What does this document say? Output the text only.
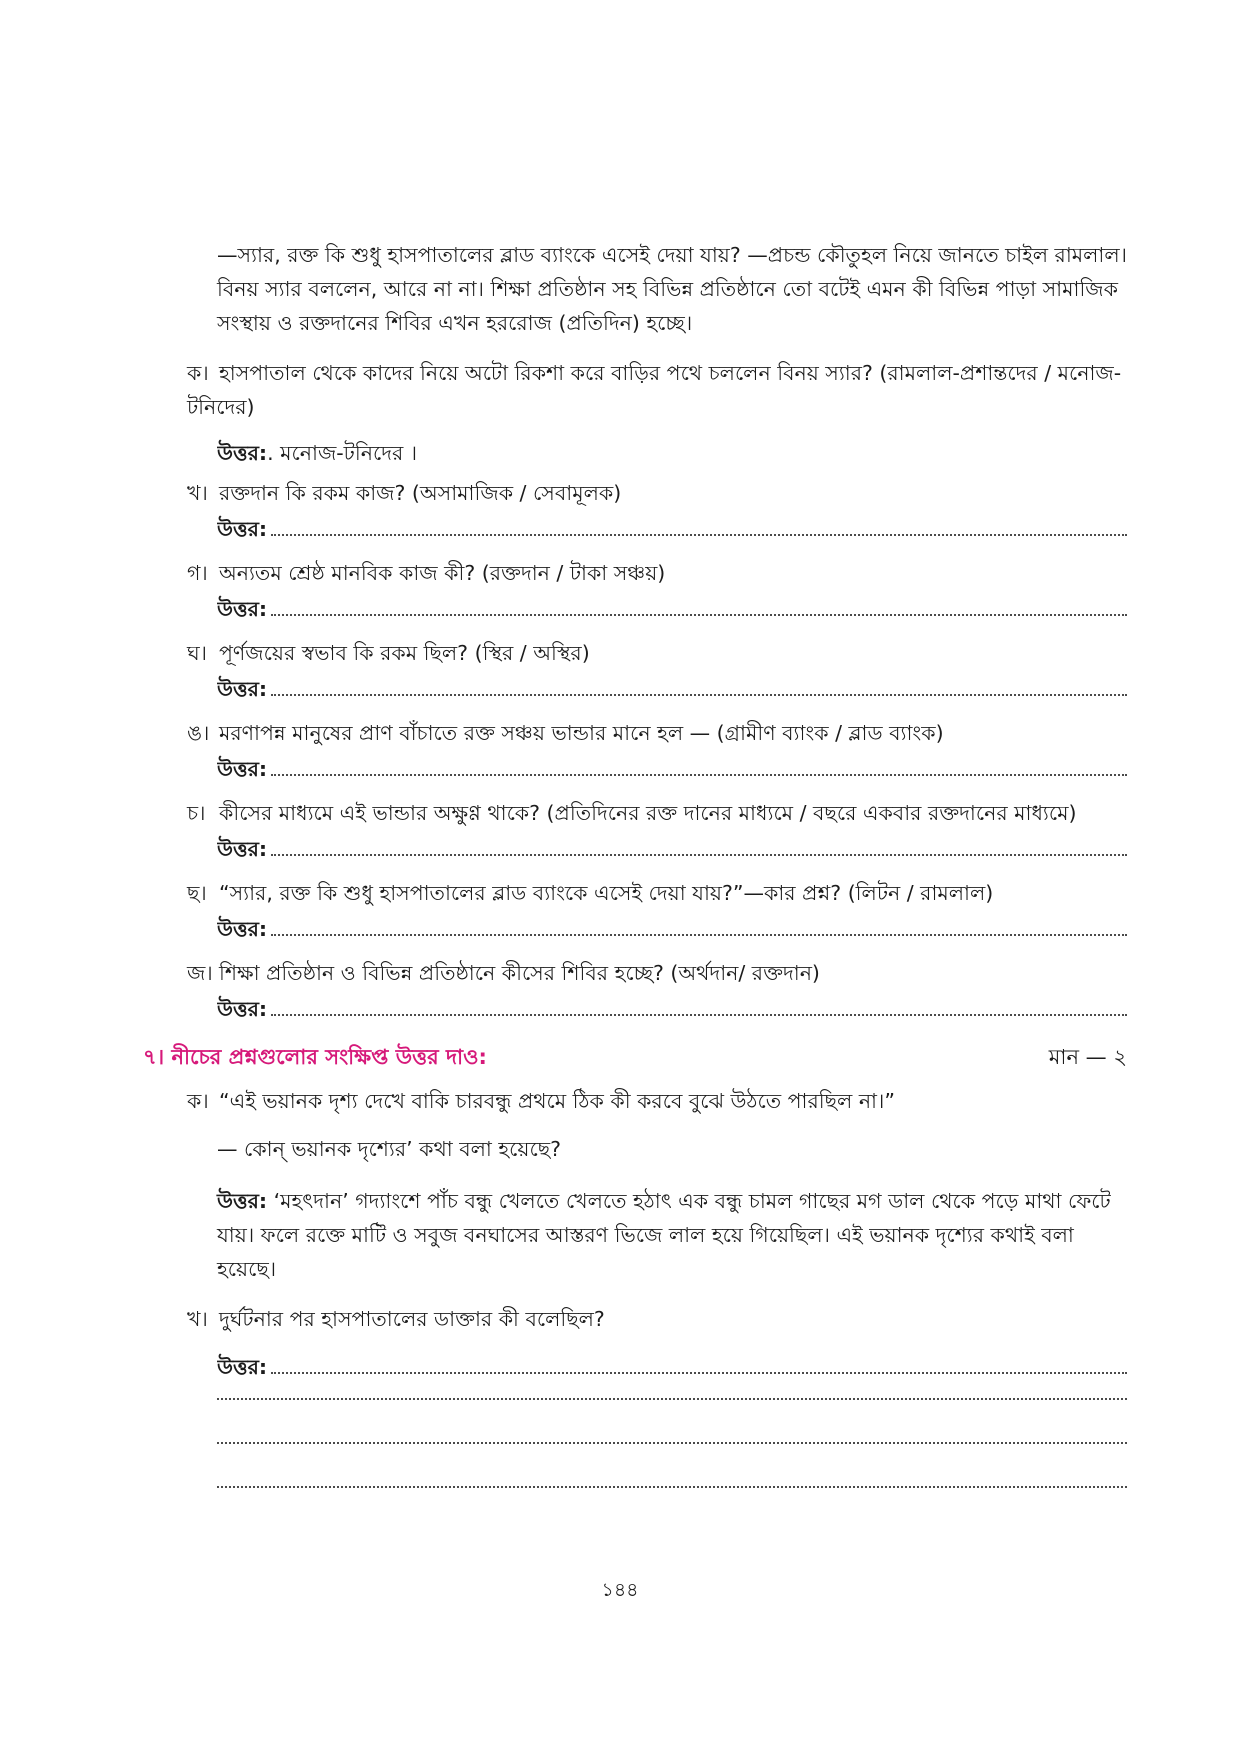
—স্যার, রক্ত কি শুধু হাসপাতালের ব্লাড ব্যাংকে এসেই দেয়া যায়? —প্রচন্ড কৌতুহল নিয়ে জানতে চাইল রামলাল।
বিনয় স্যার বললেন, আরে না না। শিক্ষা প্রতিষ্ঠান সহ বিভিন্ন প্রতিষ্ঠানে তো বটেই এমন কী বিভিন্ন পাড়া সামাজিক
সংস্থায় ও রক্তদানের শিবির এখন হররোজ (প্রতিদিন) হচ্ছে।
ক। হাসপাতাল থেকে কাদের নিয়ে অটো রিকশা করে বাড়ির পথে চললেন বিনয় স্যার? (রামলাল-প্রশান্তদের / মনোজ-টনিদের)
উত্তর: . মনোজ-টনিদের ।
খ। রক্তদান কি রকম কাজ? (অসামাজিক / সেবামূলক)
উত্তর:
গ। অন্যতম শ্রেষ্ঠ মানবিক কাজ কী? (রক্তদান / টাকা সঞ্চয়)
উত্তর:
ঘ। পূর্ণজয়ের স্বভাব কি রকম ছিল? (স্থির / অস্থির)
উত্তর:
ঙ। মরণাপন্ন মানুষের প্রাণ বাঁচাতে রক্ত সঞ্চয় ভান্ডার মানে হল — (গ্রামীণ ব্যাংক / ব্লাড ব্যাংক)
উত্তর:
চ। কীসের মাধ্যমে এই ভান্ডার অক্ষুণ্ণ থাকে? (প্রতিদিনের রক্ত দানের মাধ্যমে / বছরে একবার রক্তদানের মাধ্যমে)
উত্তর:
ছ। “স্যার, রক্ত কি শুধু হাসপাতালের ব্লাড ব্যাংকে এসেই দেয়া যায়?”—কার প্রশ্ন? (লিটন / রামলাল)
উত্তর:
জ। শিক্ষা প্রতিষ্ঠান ও বিভিন্ন প্রতিষ্ঠানে কীসের শিবির হচ্ছে? (অর্থদান/ রক্তদান)
উত্তর:
৭। নীচের প্রশ্নগুলোর সংক্ষিপ্ত উত্তর দাও:	মান — ২
ক। “এই ভয়ানক দৃশ্য দেখে বাকি চারবন্ধু প্রথমে ঠিক কী করবে বুঝে উঠতে পারছিল না।”
— কোন্ ভয়ানক দৃশ্যের’ কথা বলা হয়েছে?
উত্তর: ‘মহৎদান’ গদ্যাংশে পাঁচ বন্ধু খেলতে খেলতে হঠাৎ এক বন্ধু চামল গাছের মগ ডাল থেকে পড়ে মাথা ফেটে
যায়। ফলে রক্তে মাটি ও সবুজ বনঘাসের আস্তরণ ভিজে লাল হয়ে গিয়েছিল। এই ভয়ানক দৃশ্যের কথাই বলা
হয়েছে।
খ। দুর্ঘটনার পর হাসপাতালের ডাক্তার কী বলেছিল?
উত্তর:
১৪৪
